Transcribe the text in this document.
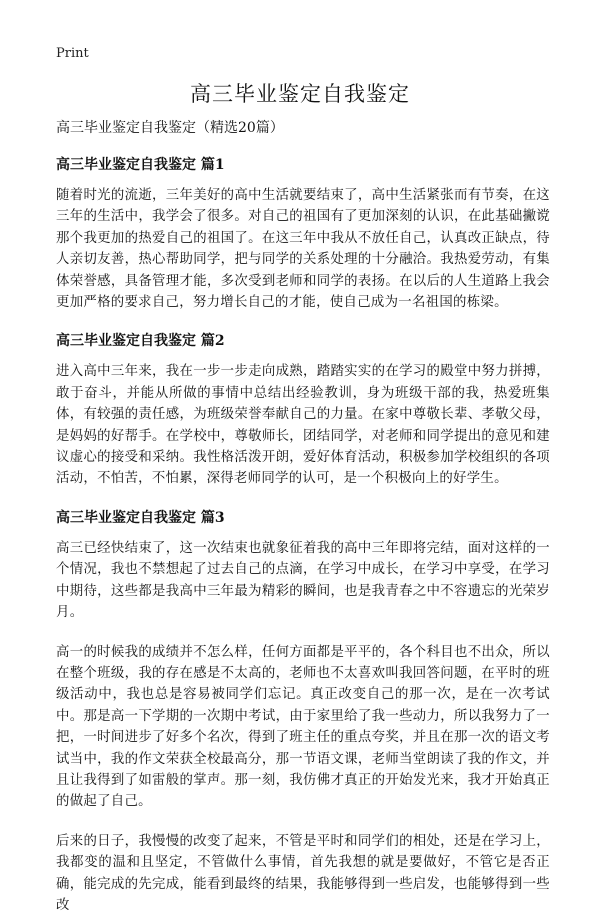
Print
高三毕业鉴定自我鉴定

高三毕业鉴定自我鉴定（精选20篇）

高三毕业鉴定自我鉴定 篇1

随着时光的流逝，三年美好的高中生活就要结束了，高中生活紧张而有节奏，在这三年的生活中，我学会了很多。对自己的祖国有了更加深刻的认识，在此基础撇谠那个我更加的热爱自己的祖国了。在这三年中我从不放任自己，认真改正缺点，待人亲切友善，热心帮助同学，把与同学的关系处理的十分融洽。我热爱劳动，有集体荣誉感，具备管理才能，多次受到老师和同学的表扬。在以后的人生道路上我会更加严格的要求自己，努力增长自己的才能，使自己成为一名祖国的栋梁。

高三毕业鉴定自我鉴定 篇2

进入高中三年来，我在一步一步走向成熟，踏踏实实的在学习的殿堂中努力拼搏，敢于奋斗，并能从所做的事情中总结出经验教训，身为班级干部的我，热爱班集体，有较强的责任感，为班级荣誉奉献自己的力量。在家中尊敬长辈、孝敬父母，是妈妈的好帮手。在学校中，尊敬师长，团结同学，对老师和同学提出的意见和建议虚心的接受和采纳。我性格活泼开朗，爱好体育活动，积极参加学校组织的各项活动，不怕苦，不怕累，深得老师同学的认可，是一个积极向上的好学生。

高三毕业鉴定自我鉴定 篇3

高三已经快结束了，这一次结束也就象征着我的高中三年即将完结，面对这样的一个情况，我也不禁想起了过去自己的点滴，在学习中成长，在学习中享受，在学习中期待，这些都是我高中三年最为精彩的瞬间，也是我青春之中不容遗忘的光荣岁月。

高一的时候我的成绩并不怎么样，任何方面都是平平的，各个科目也不出众，所以在整个班级，我的存在感是不太高的，老师也不太喜欢叫我回答问题，在平时的班级活动中，我也总是容易被同学们忘记。真正改变自己的那一次，是在一次考试中。那是高一下学期的一次期中考试，由于家里给了我一些动力，所以我努力了一把，一时间进步了好多个名次，得到了班主任的重点夸奖，并且在那一次的语文考试当中，我的作文荣获全校最高分，那一节语文课，老师当堂朗读了我的作文，并且让我得到了如雷般的掌声。那一刻，我仿佛才真正的开始发光来，我才开始真正的做起了自己。

后来的日子，我慢慢的改变了起来，不管是平时和同学们的相处，还是在学习上，我都变的温和且坚定，不管做什么事情，首先我想的就是要做好，不管它是否正确，能完成的先完成，能看到最终的结果，我能够得到一些启发，也能够得到一些改
